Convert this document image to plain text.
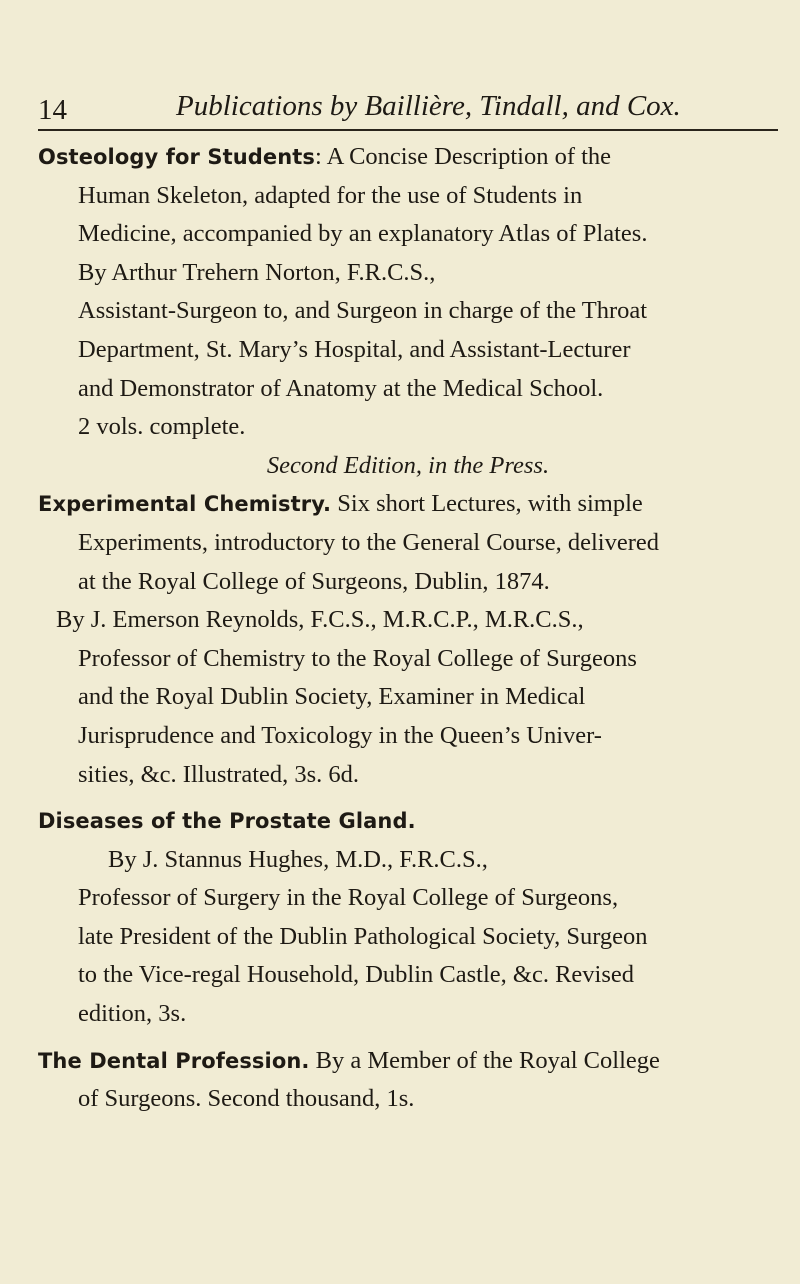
14	Publications by Baillière, Tindall, and Cox.
Osteology for Students: A Concise Description of the
Human Skeleton, adapted for the use of Students in
Medicine, accompanied by an explanatory Atlas of Plates.
By Arthur Trehern Norton, F.R.C.S.,
Assistant-Surgeon to, and Surgeon in charge of the Throat
Department, St. Mary’s Hospital, and Assistant-Lecturer
and Demonstrator of Anatomy at the Medical School.
2 vols. complete.
Second Edition, in the Press.
Experimental Chemistry. Six short Lectures, with simple
Experiments, introductory to the General Course, delivered
at the Royal College of Surgeons, Dublin, 1874.
By J. Emerson Reynolds, F.C.S., M.R.C.P., M.R.C.S.,
Professor of Chemistry to the Royal College of Surgeons
and the Royal Dublin Society, Examiner in Medical
Jurisprudence and Toxicology in the Queen’s Univer-
sities, &c. Illustrated, 3s. 6d.
Diseases of the Prostate Gland.
By J. Stannus Hughes, M.D., F.R.C.S.,
Professor of Surgery in the Royal College of Surgeons,
late President of the Dublin Pathological Society, Surgeon
to the Vice-regal Household, Dublin Castle, &c. Revised
edition, 3s.
The Dental Profession. By a Member of the Royal College
of Surgeons. Second thousand, 1s.
